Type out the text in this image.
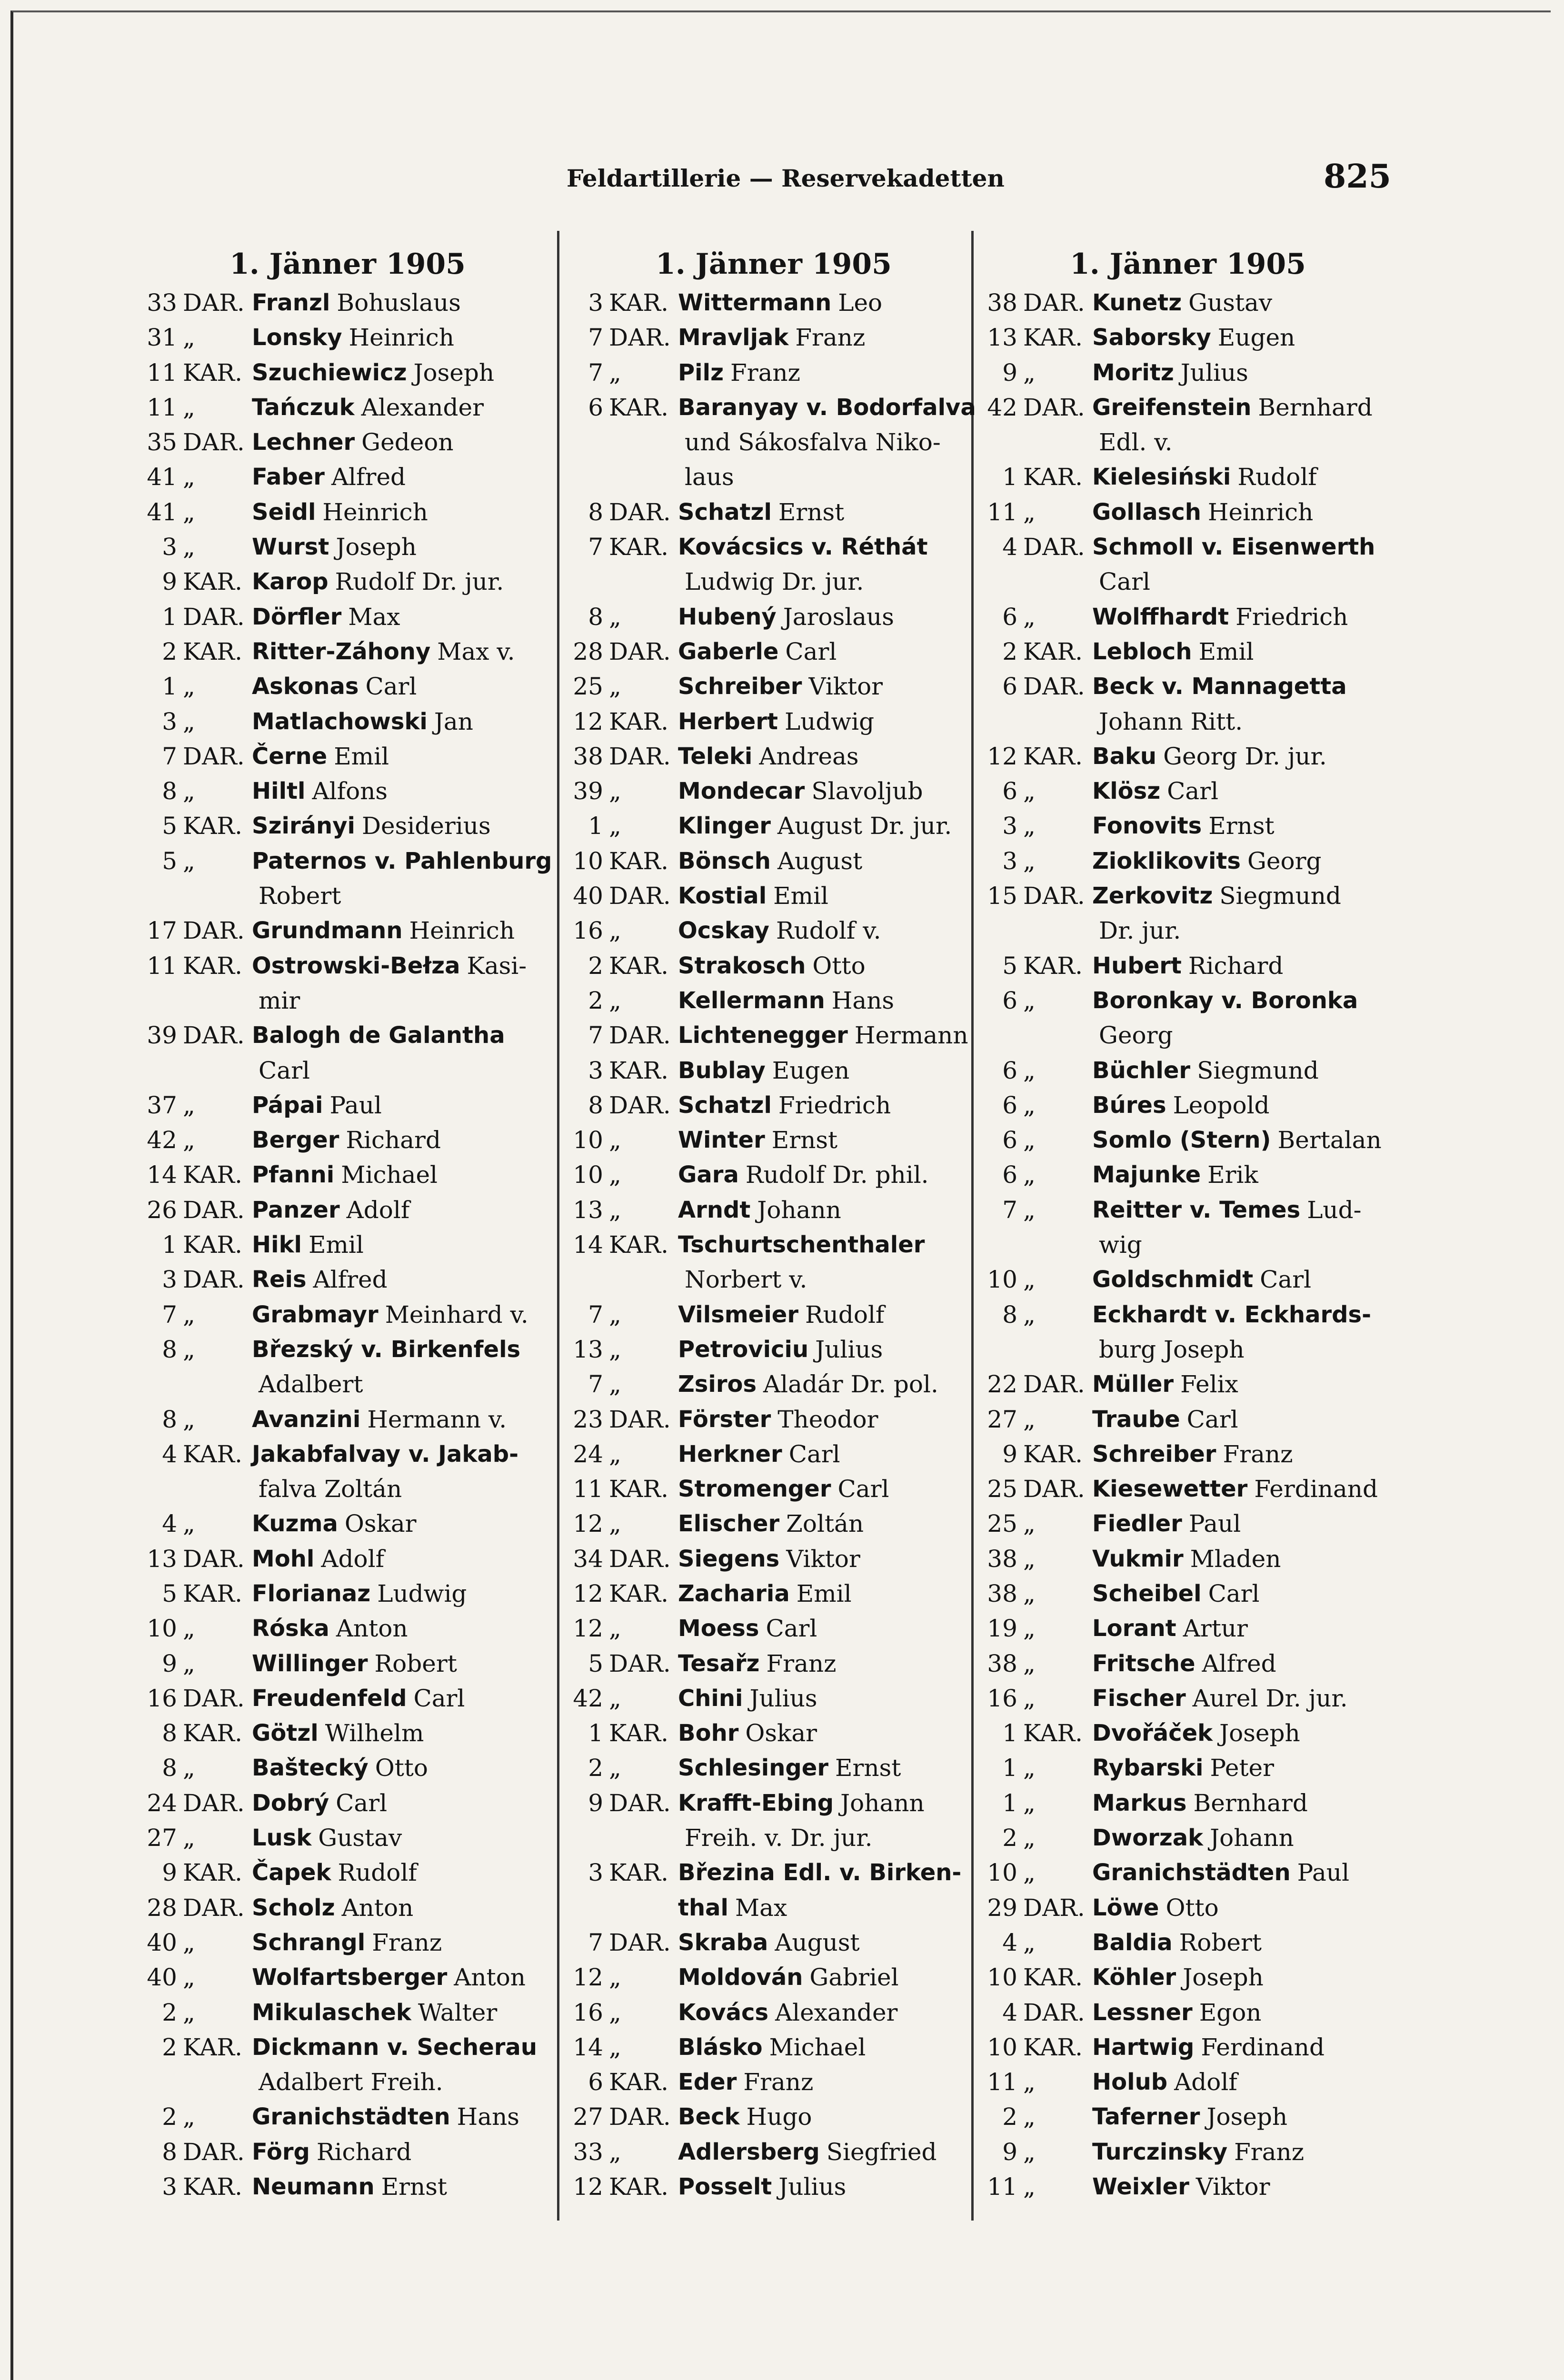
Feldartillerie — Reservekadetten	825
1. Jänner 1905
33 DAR. Franzl Bohuslaus
31 „	Lonsky Heinrich
11 KAR. Szuchiewicz Joseph
11 „	Tańczuk Alexander
35 DAR. Lechner Gedeon
41 „	Faber Alfred
41 „	Seidl Heinrich
3 „	Wurst Joseph
9 KAR. Karop Rudolf Dr. jur.
1 DAR. Dörfler Max
2 KAR. Ritter-Záhony Max v.
1 „	Askonas Carl
3 „	Matlachowski Jan
7 DAR. Černe Emil
8 „	Hiltl Alfons
5 KAR. Szirányi Desiderius
5 „	Paternos v. Pahlenburg
Robert
17 DAR. Grundmann Heinrich
11 KAR. Ostrowski-Bełza Kasi-
mir
39 DAR. Balogh de Galantha
Carl
37 „	Pápai Paul
42 „	Berger Richard
14 KAR. Pfanni Michael
26 DAR. Panzer Adolf
1 KAR. Hikl Emil
3 DAR. Reis Alfred
7 „	Grabmayr Meinhard v.
8 „	Březský v. Birkenfels
Adalbert
8 „	Avanzini Hermann v.
4 KAR. Jakabfalvay v. Jakab-
falva Zoltán
4 „	Kuzma Oskar
13 DAR. Mohl Adolf
5 KAR. Florianaz Ludwig
10 „	Róska Anton
9 „	Willinger Robert
16 DAR. Freudenfeld Carl
8 KAR. Götzl Wilhelm
8 „	Baštecký Otto
24 DAR. Dobrý Carl
27 „	Lusk Gustav
9 KAR. Čapek Rudolf
28 DAR. Scholz Anton
40 „	Schrangl Franz
40 „	Wolfartsberger Anton
2 „	Mikulaschek Walter
2 KAR. Dickmann v. Secherau
Adalbert Freih.
2 „	Granichstädten Hans
8 DAR. Förg Richard
3 KAR. Neumann Ernst
1. Jänner 1905
3 KAR. Wittermann Leo
7 DAR. Mravljak Franz
7 „	Pilz Franz
6 KAR. Baranyay v. Bodorfalva
und Sákosfalva Niko-
laus
8 DAR. Schatzl Ernst
7 KAR. Kovácsics v. Réthát
Ludwig Dr. jur.
8 „	Hubený Jaroslaus
28 DAR. Gaberle Carl
25 „	Schreiber Viktor
12 KAR. Herbert Ludwig
38 DAR. Teleki Andreas
39 „	Mondecar Slavoljub
1 „	Klinger August Dr. jur.
10 KAR. Bönsch August
40 DAR. Kostial Emil
16 „	Ocskay Rudolf v.
2 KAR. Strakosch Otto
2 „	Kellermann Hans
7 DAR. Lichtenegger Hermann
3 KAR. Bublay Eugen
8 DAR. Schatzl Friedrich
10 „	Winter Ernst
10 „	Gara Rudolf Dr. phil.
13 „	Arndt Johann
14 KAR. Tschurtschenthaler
Norbert v.
7 „	Vilsmeier Rudolf
13 „	Petroviciu Julius
7 „	Zsiros Aladár Dr. pol.
23 DAR. Förster Theodor
24 „	Herkner Carl
11 KAR. Stromenger Carl
12 „	Elischer Zoltán
34 DAR. Siegens Viktor
12 KAR. Zacharia Emil
12 „	Moess Carl
5 DAR. Tesařz Franz
42 „	Chini Julius
1 KAR. Bohr Oskar
2 „	Schlesinger Ernst
9 DAR. Krafft-Ebing Johann
Freih. v. Dr. jur.
3 KAR. Březina Edl. v. Birken-
thal Max
7 DAR. Skraba August
12 „	Moldován Gabriel
16 „	Kovács Alexander
14 „	Blásko Michael
6 KAR. Eder Franz
27 DAR. Beck Hugo
33 „	Adlersberg Siegfried
12 KAR. Posselt Julius
1. Jänner 1905
38 DAR. Kunetz Gustav
13 KAR. Saborsky Eugen
9 „	Moritz Julius
42 DAR. Greifenstein Bernhard
Edl. v.
1 KAR. Kielesiński Rudolf
11 „	Gollasch Heinrich
4 DAR. Schmoll v. Eisenwerth
Carl
6 „	Wolffhardt Friedrich
2 KAR. Lebloch Emil
6 DAR. Beck v. Mannagetta
Johann Ritt.
12 KAR. Baku Georg Dr. jur.
6 „	Klösz Carl
3 „	Fonovits Ernst
3 „	Zioklikovits Georg
15 DAR. Zerkovitz Siegmund
Dr. jur.
5 KAR. Hubert Richard
6 „	Boronkay v. Boronka
Georg
6 „	Büchler Siegmund
6 „	Búres Leopold
6 „	Somlo (Stern) Bertalan
6 „	Majunke Erik
7 „	Reitter v. Temes Lud-
wig
10 „	Goldschmidt Carl
8 „	Eckhardt v. Eckhards-
burg Joseph
22 DAR. Müller Felix
27 „	Traube Carl
9 KAR. Schreiber Franz
25 DAR. Kiesewetter Ferdinand
25 „	Fiedler Paul
38 „	Vukmir Mladen
38 „	Scheibel Carl
19 „	Lorant Artur
38 „	Fritsche Alfred
16 „	Fischer Aurel Dr. jur.
1 KAR. Dvořáček Joseph
1 „	Rybarski Peter
1 „	Markus Bernhard
2 „	Dworzak Johann
10 „	Granichstädten Paul
29 DAR. Löwe Otto
4 „	Baldia Robert
10 KAR. Köhler Joseph
4 DAR. Lessner Egon
10 KAR. Hartwig Ferdinand
11 „	Holub Adolf
2 „	Taferner Joseph
9 „	Turczinsky Franz
11 „	Weixler Viktor
